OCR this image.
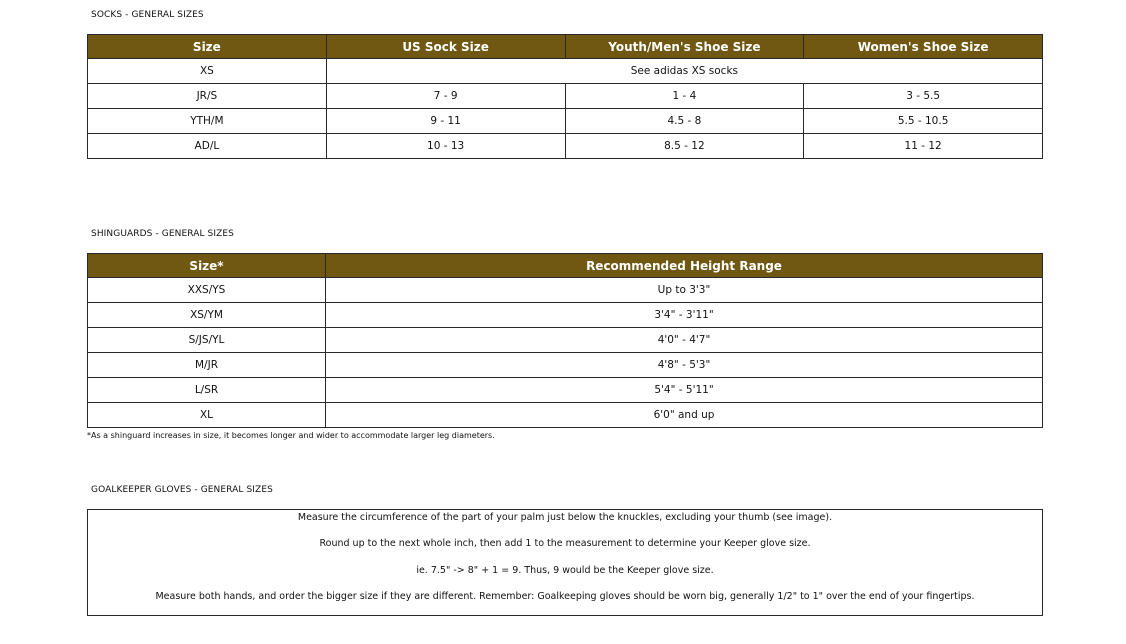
SOCKS - GENERAL SIZES
Size	US Sock Size	Youth/Men's Shoe Size	Women's Shoe Size
XS	See adidas XS socks		
JR/S	7 - 9	1 - 4	3 - 5.5
YTH/M	9 - 11	4.5 - 8	5.5 - 10.5
AD/L	10 - 13	8.5 - 12	11 - 12
SHINGUARDS - GENERAL SIZES
Size*	Recommended Height Range
XXS/YS	Up to 3'3"
XS/YM	3'4" - 3'11"
S/JS/YL	4'0" - 4'7"
M/JR	4'8" - 5'3"
L/SR	5'4" - 5'11"
XL	6'0" and up
*As a shinguard increases in size, it becomes longer and wider to accommodate larger leg diameters.
GOALKEEPER GLOVES - GENERAL SIZES
Measure the circumference of the part of your palm just below the knuckles, excluding your thumb (see image).
Round up to the next whole inch, then add 1 to the measurement to determine your Keeper glove size.
ie. 7.5" -> 8" + 1 = 9. Thus, 9 would be the Keeper glove size.
Measure both hands, and order the bigger size if they are different. Remember: Goalkeeping gloves should be worn big, generally 1/2" to 1" over the end of your fingertips.
